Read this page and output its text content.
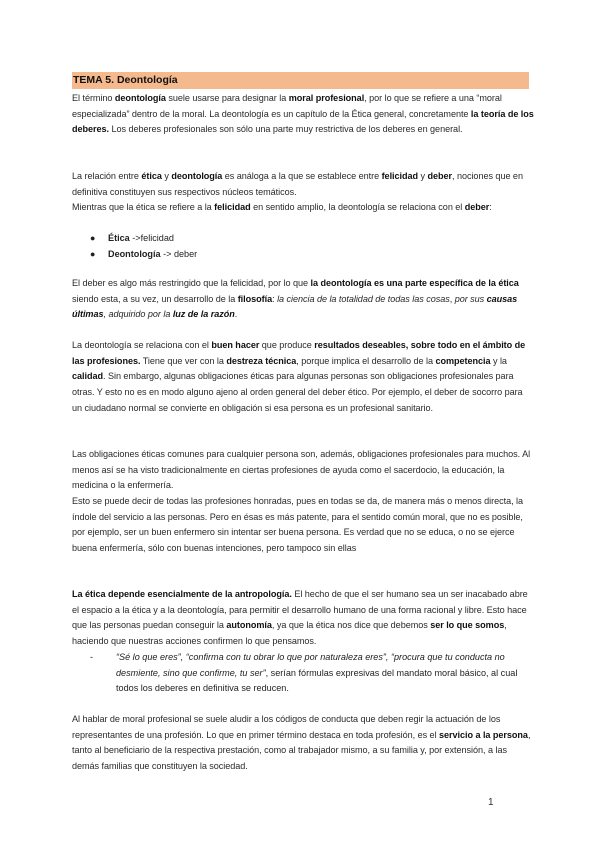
TEMA 5. Deontología
El término deontología suele usarse para designar la moral profesional, por lo que se refiere a una “moral especializada” dentro de la moral. La deontología es un capítulo de la Ética general, concretamente la teoría de los deberes. Los deberes profesionales son sólo una parte muy restrictiva de los deberes en general.
La relación entre ética y deontología es análoga a la que se establece entre felicidad y deber, nociones que en definitiva constituyen sus respectivos núcleos temáticos.
Mientras que la ética se refiere a la felicidad en sentido amplio, la deontología se relaciona con el deber:
●	Ética ->felicidad
●	Deontología -> deber
El deber es algo más restringido que la felicidad, por lo que la deontología es una parte específica de la ética siendo esta, a su vez, un desarrollo de la filosofía: la ciencia de la totalidad de todas las cosas, por sus causas últimas, adquirido por la luz de la razón.
La deontología se relaciona con el buen hacer que produce resultados deseables, sobre todo en el ámbito de las profesiones. Tiene que ver con la destreza técnica, porque implica el desarrollo de la competencia y la calidad. Sin embargo, algunas obligaciones éticas para algunas personas son obligaciones profesionales para otras. Y esto no es en modo alguno ajeno al orden general del deber ético. Por ejemplo, el deber de socorro para un ciudadano normal se convierte en obligación si esa persona es un profesional sanitario.
Las obligaciones éticas comunes para cualquier persona son, además, obligaciones profesionales para muchos. Al menos así se ha visto tradicionalmente en ciertas profesiones de ayuda como el sacerdocio, la educación, la medicina o la enfermería.
Esto se puede decir de todas las profesiones honradas, pues en todas se da, de manera más o menos directa, la índole del servicio a las personas. Pero en ésas es más patente, para el sentido común moral, que no es posible, por ejemplo, ser un buen enfermero sin intentar ser buena persona. Es verdad que no se educa, o no se ejerce buena enfermería, sólo con buenas intenciones, pero tampoco sin ellas
La ética depende esencialmente de la antropología. El hecho de que el ser humano sea un ser inacabado abre el espacio a la ética y a la deontología, para permitir el desarrollo humano de una forma racional y libre. Esto hace que las personas puedan conseguir la autonomía, ya que la ética nos dice que debemos ser lo que somos, haciendo que nuestras acciones confirmen lo que pensamos.
-	“Sé lo que eres”, “confirma con tu obrar lo que por naturaleza eres”, “procura que tu conducta no desmiente, sino que confirme, tu ser”, serían fórmulas expresivas del mandato moral básico, al cual todos los deberes en definitiva se reducen.
Al hablar de moral profesional se suele aludir a los códigos de conducta que deben regir la actuación de los representantes de una profesión. Lo que en primer término destaca en toda profesión, es el servicio a la persona, tanto al beneficiario de la respectiva prestación, como al trabajador mismo, a su familia y, por extensión, a las demás familias que constituyen la sociedad.
1
